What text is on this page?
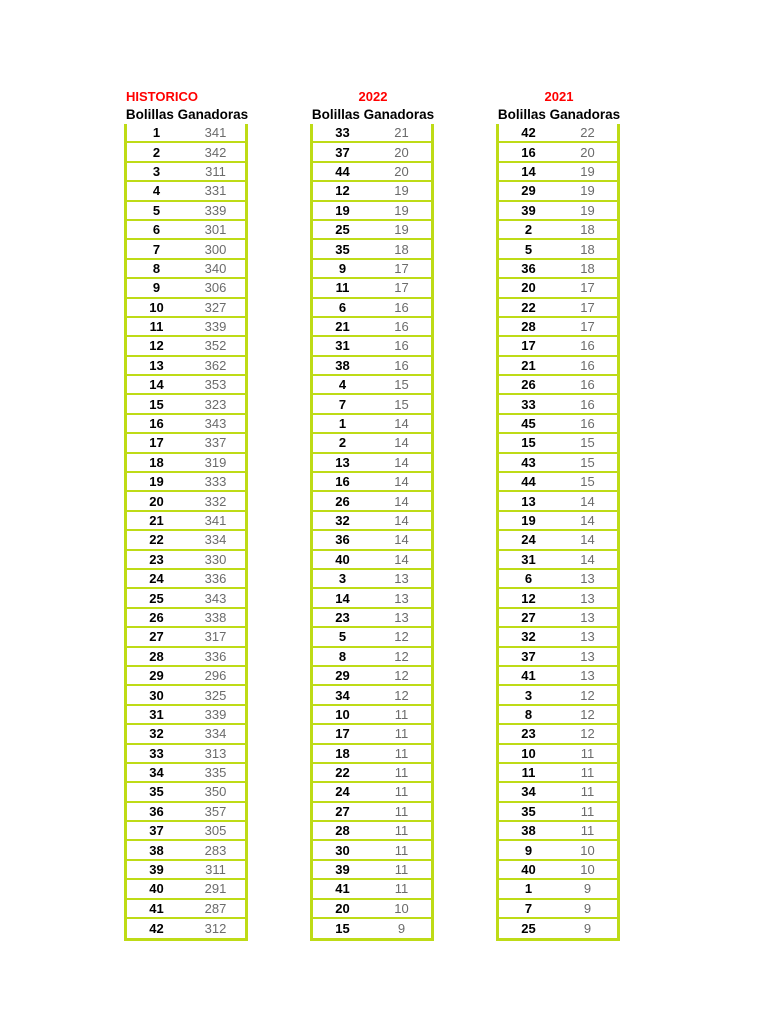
HISTORICO
Bolillas Ganadoras
1	341
2	342
3	311
4	331
5	339
6	301
7	300
8	340
9	306
10	327
11	339
12	352
13	362
14	353
15	323
16	343
17	337
18	319
19	333
20	332
21	341
22	334
23	330
24	336
25	343
26	338
27	317
28	336
29	296
30	325
31	339
32	334
33	313
34	335
35	350
36	357
37	305
38	283
39	311
40	291
41	287
42	312
2022
Bolillas Ganadoras
33	21
37	20
44	20
12	19
19	19
25	19
35	18
9	17
11	17
6	16
21	16
31	16
38	16
4	15
7	15
1	14
2	14
13	14
16	14
26	14
32	14
36	14
40	14
3	13
14	13
23	13
5	12
8	12
29	12
34	12
10	11
17	11
18	11
22	11
24	11
27	11
28	11
30	11
39	11
41	11
20	10
15	9
2021
Bolillas Ganadoras
42	22
16	20
14	19
29	19
39	19
2	18
5	18
36	18
20	17
22	17
28	17
17	16
21	16
26	16
33	16
45	16
15	15
43	15
44	15
13	14
19	14
24	14
31	14
6	13
12	13
27	13
32	13
37	13
41	13
3	12
8	12
23	12
10	11
11	11
34	11
35	11
38	11
9	10
40	10
1	9
7	9
25	9
